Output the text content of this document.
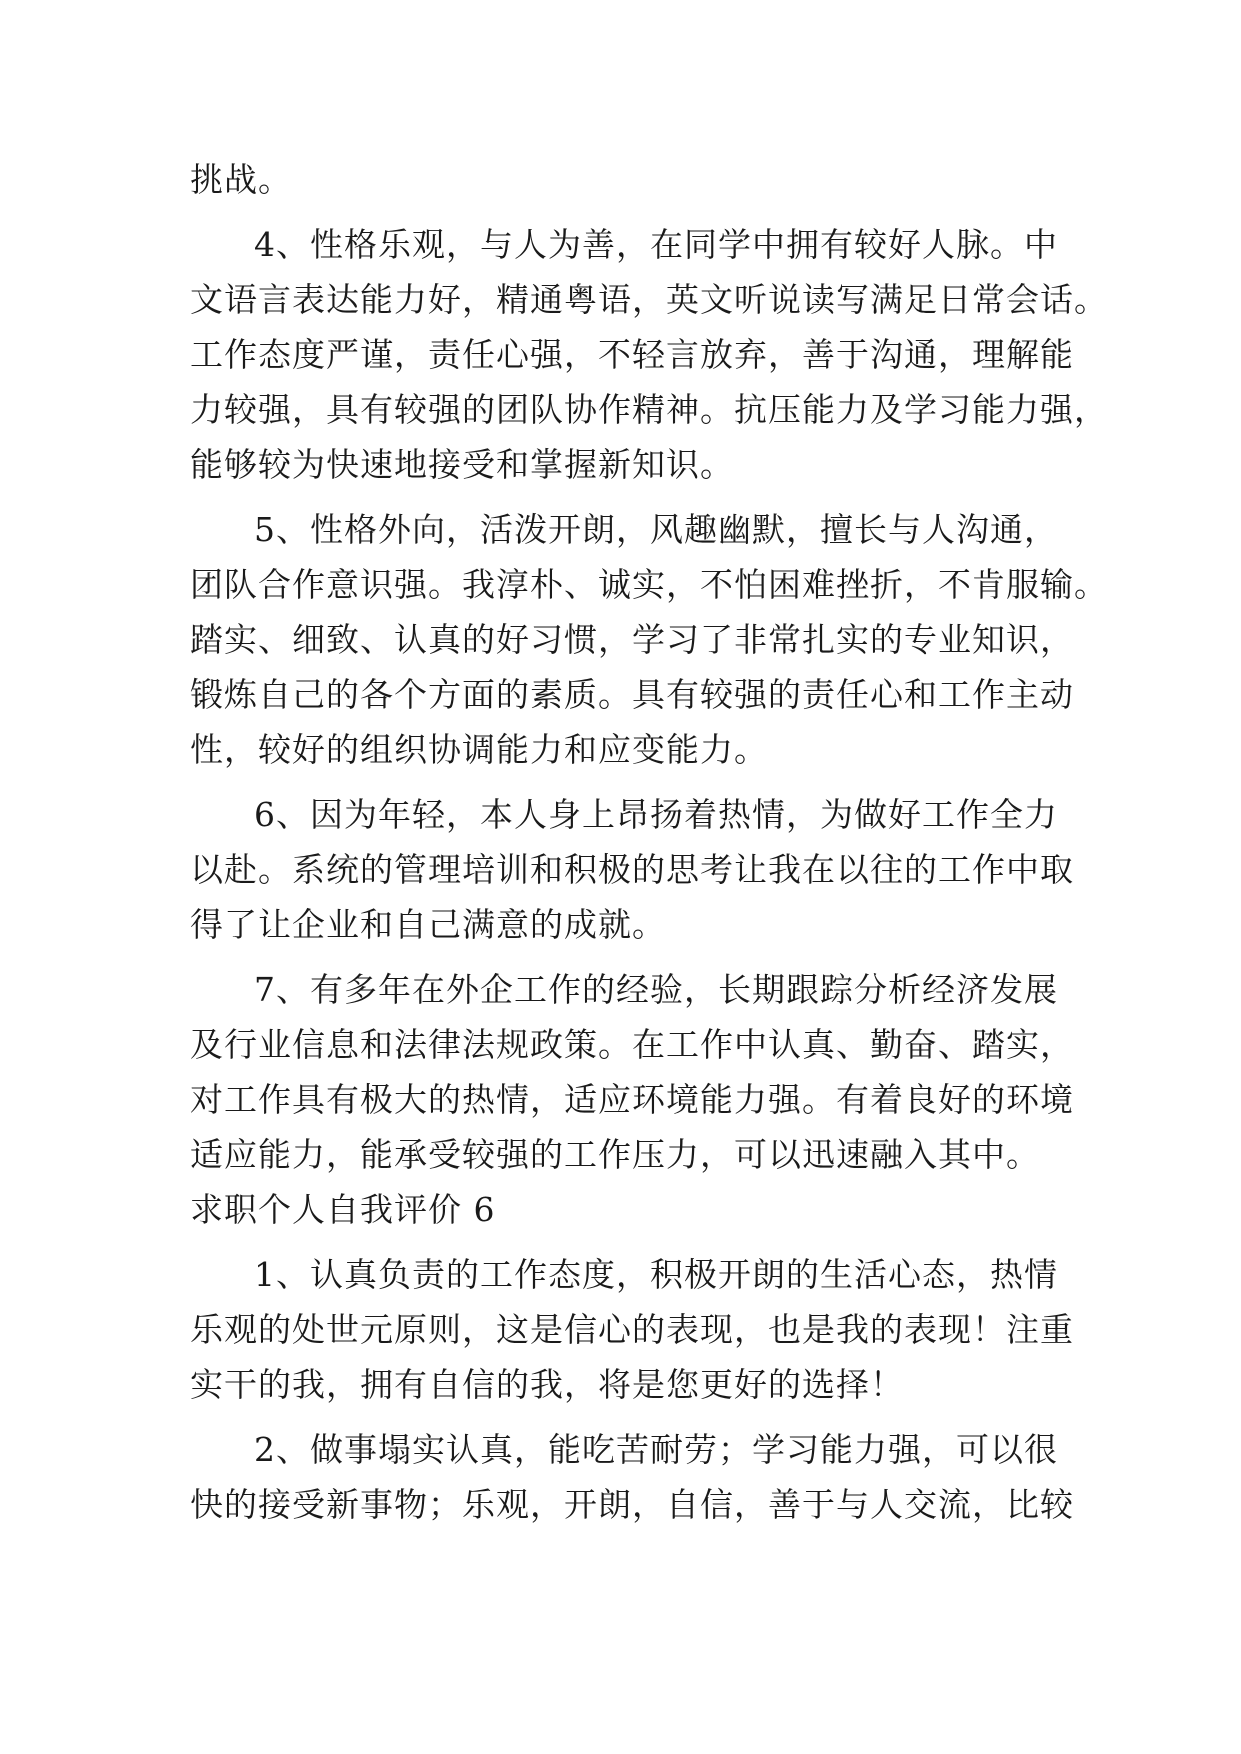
挑战。
4、性格乐观，与人为善，在同学中拥有较好人脉。中
文语言表达能力好，精通粤语，英文听说读写满足日常会话。
工作态度严谨，责任心强，不轻言放弃，善于沟通，理解能
力较强，具有较强的团队协作精神。抗压能力及学习能力强，
能够较为快速地接受和掌握新知识。
5、性格外向，活泼开朗，风趣幽默，擅长与人沟通，
团队合作意识强。我淳朴、诚实，不怕困难挫折，不肯服输。
踏实、细致、认真的好习惯，学习了非常扎实的专业知识，
锻炼自己的各个方面的素质。具有较强的责任心和工作主动
性，较好的组织协调能力和应变能力。
6、因为年轻，本人身上昂扬着热情，为做好工作全力
以赴。系统的管理培训和积极的思考让我在以往的工作中取
得了让企业和自己满意的成就。
7、有多年在外企工作的经验，长期跟踪分析经济发展
及行业信息和法律法规政策。在工作中认真、勤奋、踏实，
对工作具有极大的热情，适应环境能力强。有着良好的环境
适应能力，能承受较强的工作压力，可以迅速融入其中。
求职个人自我评价 6
1、认真负责的工作态度，积极开朗的生活心态，热情
乐观的处世元原则，这是信心的表现，也是我的表现！注重
实干的我，拥有自信的我，将是您更好的选择！
2、做事塌实认真，能吃苦耐劳；学习能力强，可以很
快的接受新事物；乐观，开朗，自信，善于与人交流，比较
